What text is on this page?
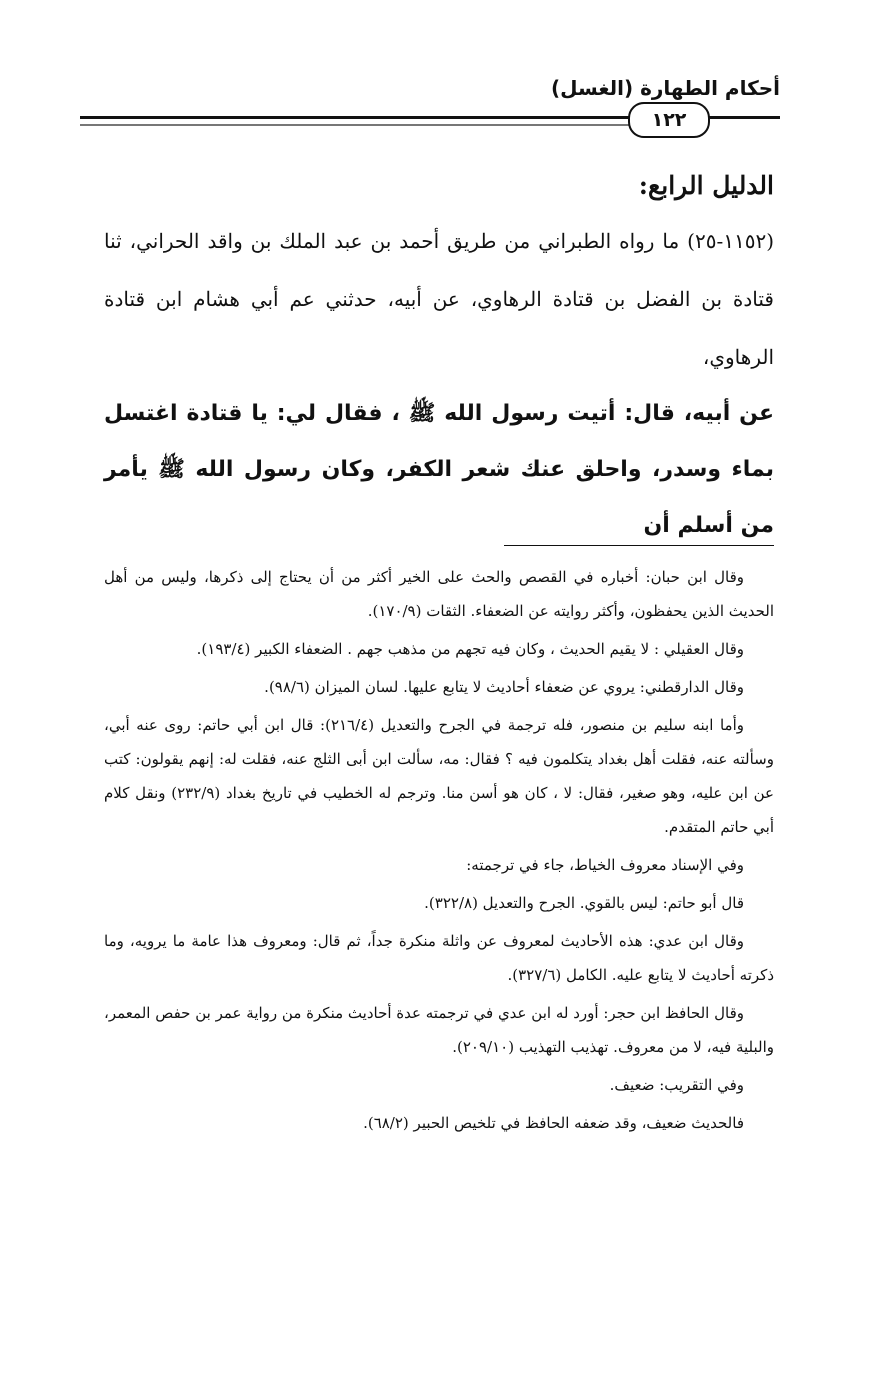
أحكام الطهارة (الغسل)
١٢٢

الدليل الرابع:

(١١٥٢-٢٥) ما رواه الطبراني من طريق أحمد بن عبد الملك بن واقد الحراني، ثنا قتادة بن الفضل بن قتادة الرهاوي، عن أبيه، حدثني عم أبي هشام ابن قتادة الرهاوي،

عن أبيه، قال: أتيت رسول الله ﷺ ، فقال لي: يا قتادة اغتسل بماء وسدر، واحلق عنك شعر الكفر، وكان رسول الله ﷺ يأمر من أسلم أن

وقال ابن حبان: أخباره في القصص والحث على الخير أكثر من أن يحتاج إلى ذكرها، وليس من أهل الحديث الذين يحفظون، وأكثر روايته عن الضعفاء. الثقات (١٧٠/٩).

وقال العقيلي : لا يقيم الحديث ، وكان فيه تجهم من مذهب جهم . الضعفاء الكبير (١٩٣/٤).

وقال الدارقطني: يروي عن ضعفاء أحاديث لا يتابع عليها. لسان الميزان (٩٨/٦).

وأما ابنه سليم بن منصور، فله ترجمة في الجرح والتعديل (٢١٦/٤): قال ابن أبي حاتم: روى عنه أبي، وسألته عنه، فقلت أهل بغداد يتكلمون فيه ؟ فقال: مه، سألت ابن أبى الثلج عنه، فقلت له: إنهم يقولون: كتب عن ابن عليه، وهو صغير، فقال: لا ، كان هو أسن منا. وترجم له الخطيب في تاريخ بغداد (٢٣٢/٩) ونقل كلام أبي حاتم المتقدم.

وفي الإسناد معروف الخياط، جاء في ترجمته:

قال أبو حاتم: ليس بالقوي. الجرح والتعديل (٣٢٢/٨).

وقال ابن عدي: هذه الأحاديث لمعروف عن واثلة منكرة جداً، ثم قال: ومعروف هذا عامة ما يرويه، وما ذكرته أحاديث لا يتابع عليه. الكامل (٣٢٧/٦).

وقال الحافظ ابن حجر: أورد له ابن عدي في ترجمته عدة أحاديث منكرة من رواية عمر بن حفص المعمر، والبلية فيه، لا من معروف. تهذيب التهذيب (٢٠٩/١٠).

وفي التقريب: ضعيف.

فالحديث ضعيف، وقد ضعفه الحافظ في تلخيص الحبير (٦٨/٢).
